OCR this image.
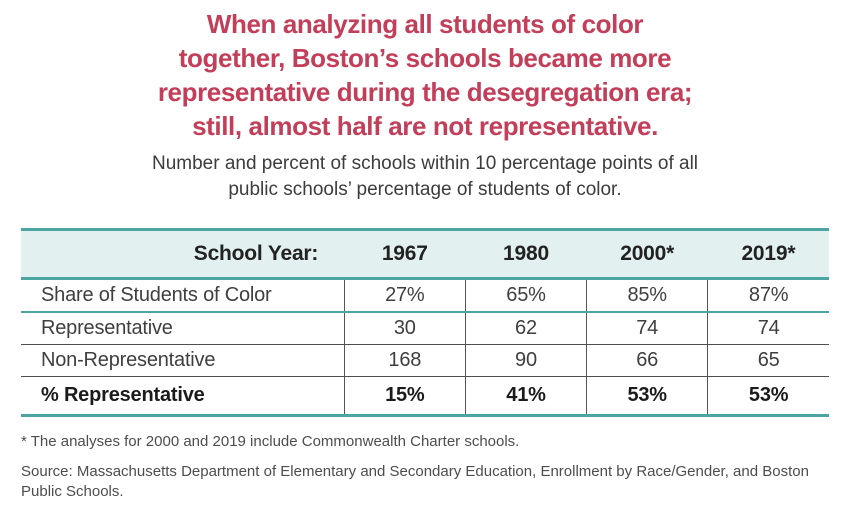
When analyzing all students of color
together, Boston’s schools became more
representative during the desegregation era;
still, almost half are not representative.
Number and percent of schools within 10 percentage points of all
public schools’ percentage of students of color.
School Year:	1967	1980	2000*	2019*
Share of Students of Color	27%	65%	85%	87%
Representative	30	62	74	74
Non-Representative	168	90	66	65
% Representative	15%	41%	53%	53%

* The analyses for 2000 and 2019 include Commonwealth Charter schools.

Source: Massachusetts Department of Elementary and Secondary Education, Enrollment by Race/Gender, and Boston Public Schools.
